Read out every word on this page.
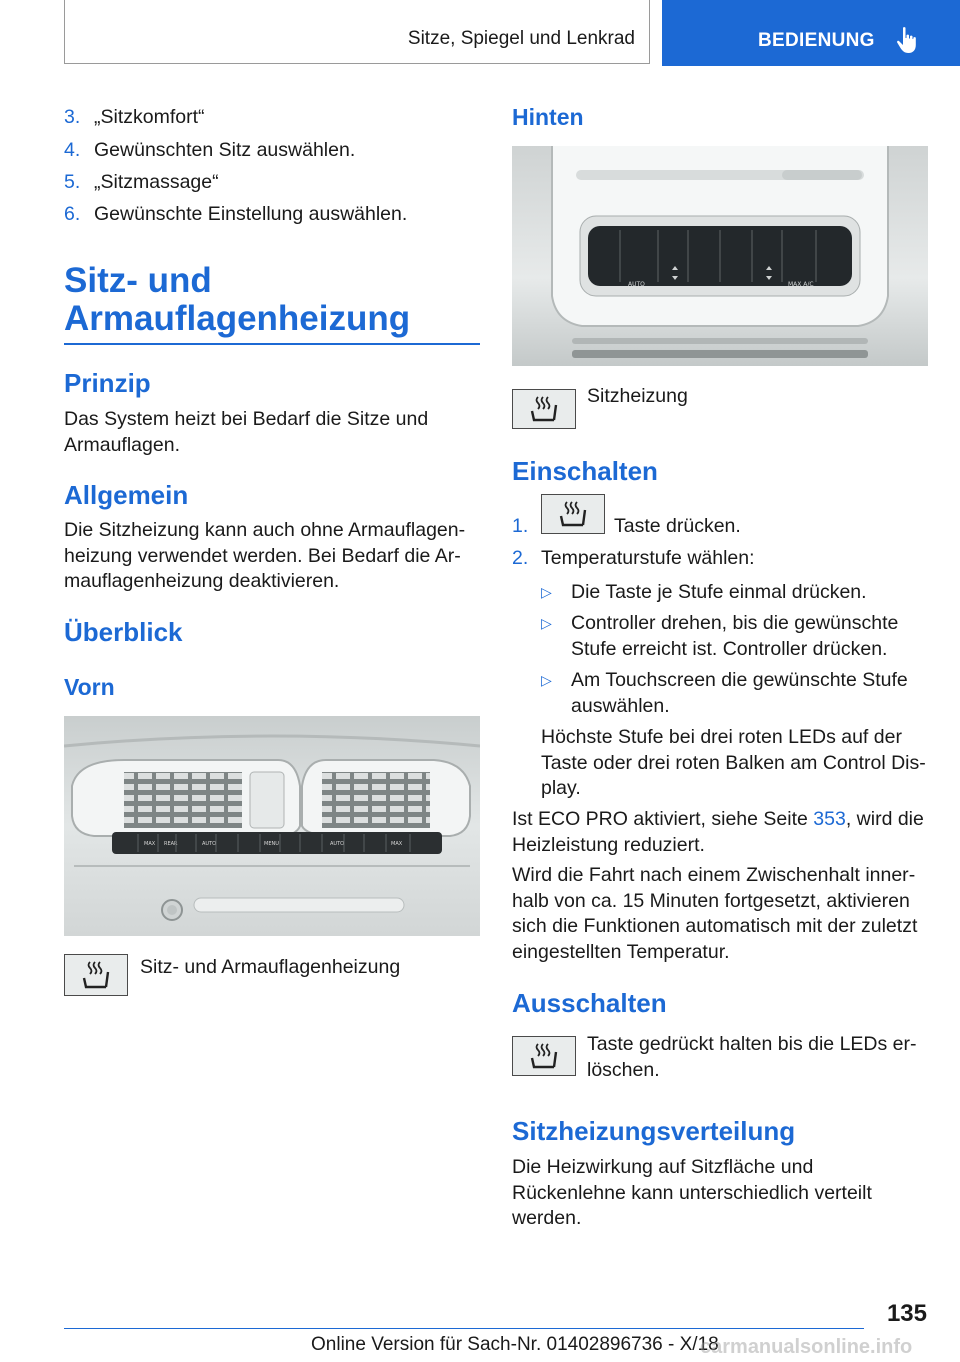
Sitze, Spiegel und Lenkrad	BEDIENUNG
3. „Sitzkomfort“
4. Gewünschten Sitz auswählen.
5. „Sitzmassage“
6. Gewünschte Einstellung auswählen.
Sitz- und
Armauflagenheizung
Prinzip
Das System heizt bei Bedarf die Sitze und Armauflagen.
Allgemein
Die Sitzheizung kann auch ohne Armauflagenheizung verwendet werden. Bei Bedarf die Armauflagenheizung deaktivieren.
Überblick
Vorn
MAX REAR	AUTO	MENU	AUTO	MAX
Sitz- und Armauflagenheizung
Hinten
AUTO	MAX A/C
Sitzheizung
Einschalten
1.	Taste drücken.
2. Temperaturstufe wählen:
▷ Die Taste je Stufe einmal drücken.
▷ Controller drehen, bis die gewünschte Stufe erreicht ist. Controller drücken.
▷ Am Touchscreen die gewünschte Stufe auswählen.
Höchste Stufe bei drei roten LEDs auf der Taste oder drei roten Balken am Control Display.
Ist ECO PRO aktiviert, siehe Seite 353, wird die Heizleistung reduziert.
Wird die Fahrt nach einem Zwischenhalt innerhalb von ca. 15 Minuten fortgesetzt, aktivieren sich die Funktionen automatisch mit der zuletzt eingestellten Temperatur.
Ausschalten
Taste gedrückt halten bis die LEDs erlöschen.
Sitzheizungsverteilung
Die Heizwirkung auf Sitzfläche und Rückenlehne kann unterschiedlich verteilt werden.
135
Online Version für Sach-Nr. 01402896736 - X/18
carmanualsonline.info
